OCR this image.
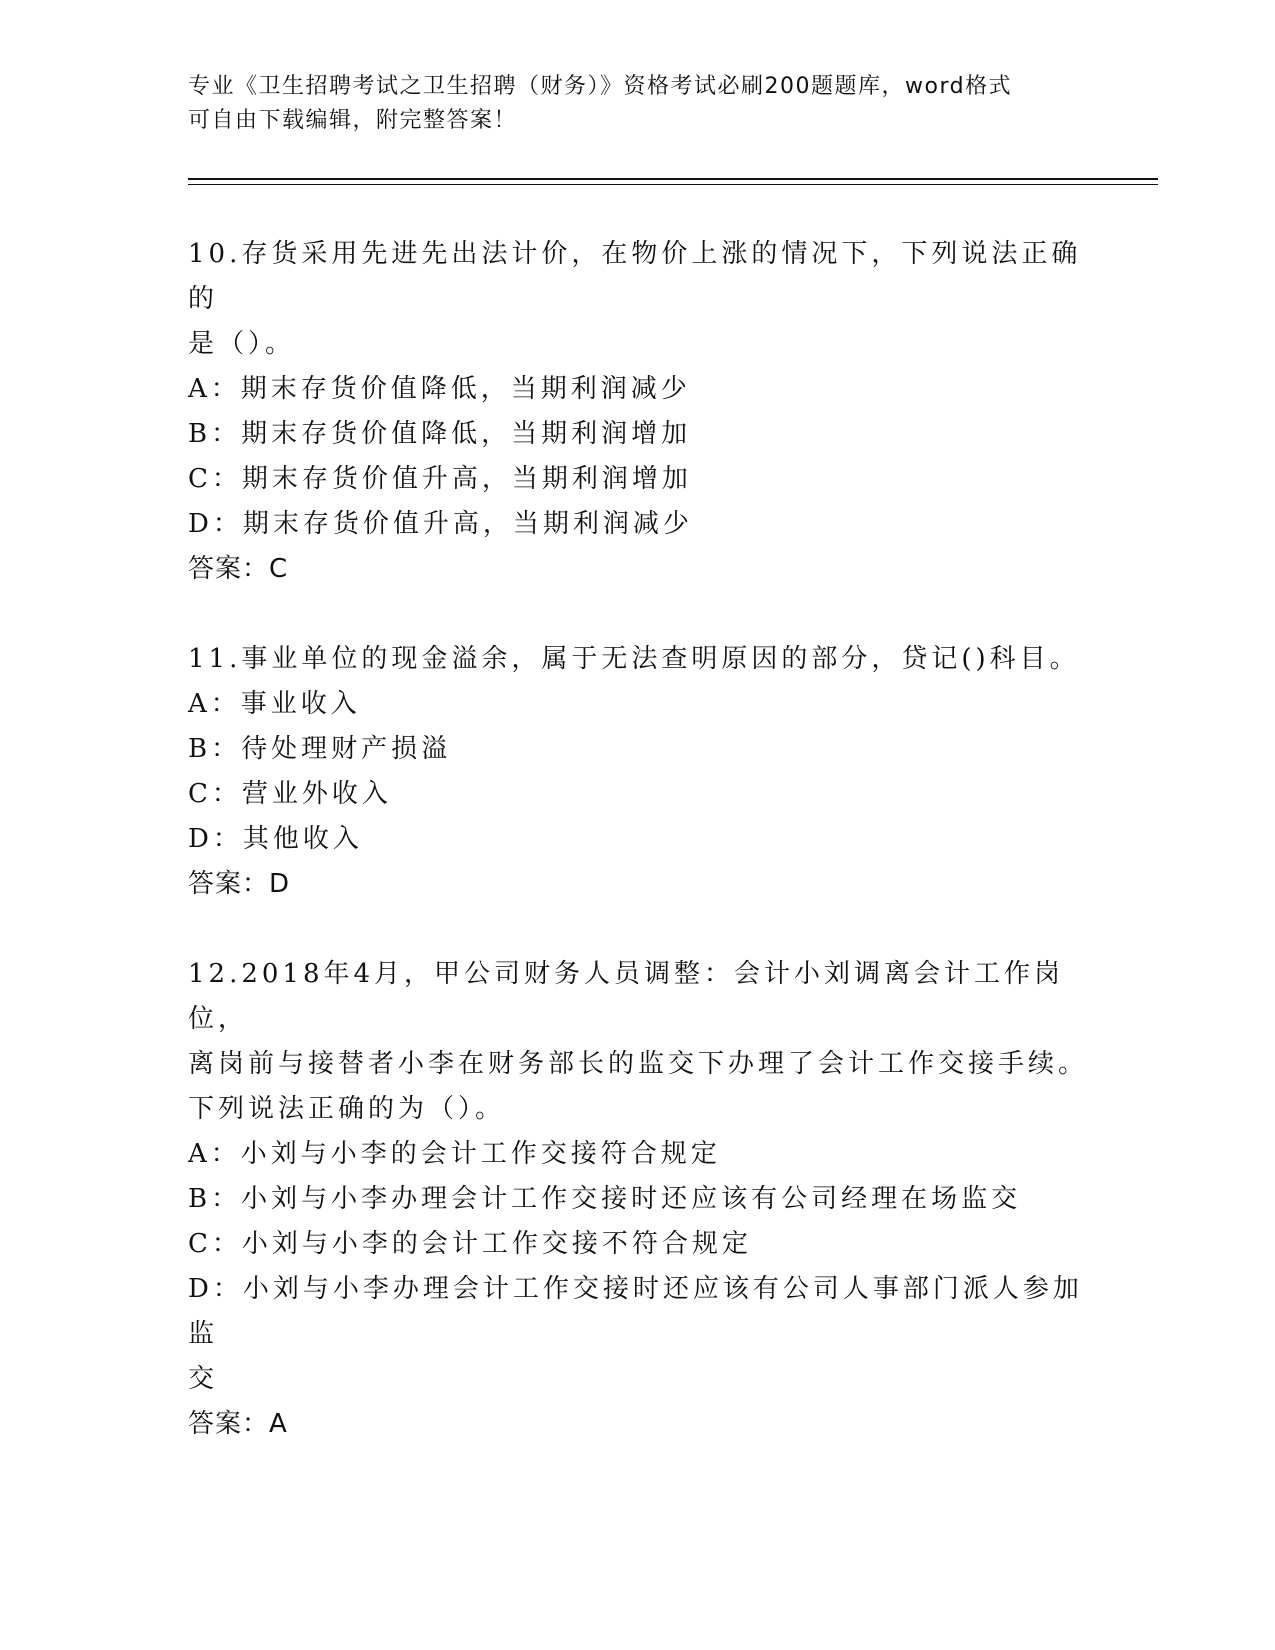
专业《卫生招聘考试之卫生招聘（财务）》资格考试必刷200题题库，word格式
可自由下载编辑，附完整答案！
10.存货采用先进先出法计价，在物价上涨的情况下，下列说法正确的
是（）。
A：期末存货价值降低，当期利润减少
B：期末存货价值降低，当期利润增加
C：期末存货价值升高，当期利润增加
D：期末存货价值升高，当期利润减少
答案：C
11.事业单位的现金溢余，属于无法查明原因的部分，贷记()科目。
A：事业收入
B：待处理财产损溢
C：营业外收入
D：其他收入
答案：D
12.2018年4月，甲公司财务人员调整：会计小刘调离会计工作岗位，
离岗前与接替者小李在财务部长的监交下办理了会计工作交接手续。
下列说法正确的为（）。
A：小刘与小李的会计工作交接符合规定
B：小刘与小李办理会计工作交接时还应该有公司经理在场监交
C：小刘与小李的会计工作交接不符合规定
D：小刘与小李办理会计工作交接时还应该有公司人事部门派人参加监
交
答案：A
